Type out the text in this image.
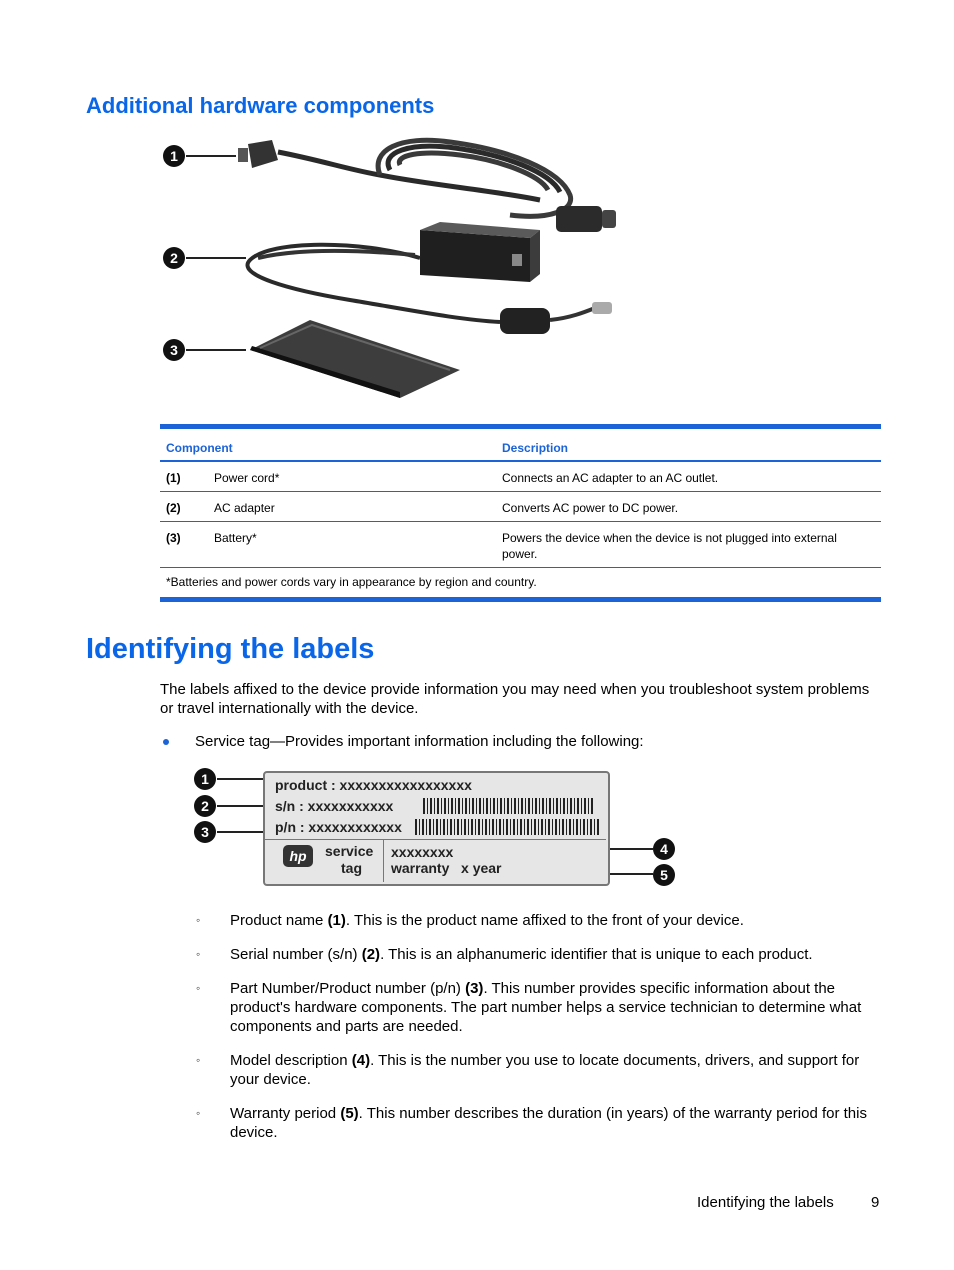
Additional hardware components
1
2
3
Component	Description
(1)	Power cord*	Connects an AC adapter to an AC outlet.
(2)	AC adapter	Converts AC power to DC power.
(3)	Battery*	Powers the device when the device is not plugged into external power.
*Batteries and power cords vary in appearance by region and country.
Identifying the labels

The labels affixed to the device provide information you may need when you troubleshoot system problems or travel internationally with the device.

Service tag—Provides important information including the following:

1
2
3
4
5
product : xxxxxxxxxxxxxxxxx
s/n : xxxxxxxxxxx
p/n : xxxxxxxxxxxx
hp	service
tag
xxxxxxxx
warranty   x year
◦ Product name (1). This is the product name affixed to the front of your device.

◦ Serial number (s/n) (2). This is an alphanumeric identifier that is unique to each product.

◦ Part Number/Product number (p/n) (3). This number provides specific information about the product's hardware components. The part number helps a service technician to determine what components and parts are needed.

◦ Model description (4). This is the number you use to locate documents, drivers, and support for your device.

◦ Warranty period (5). This number describes the duration (in years) of the warranty period for this device.

Identifying the labels 9
